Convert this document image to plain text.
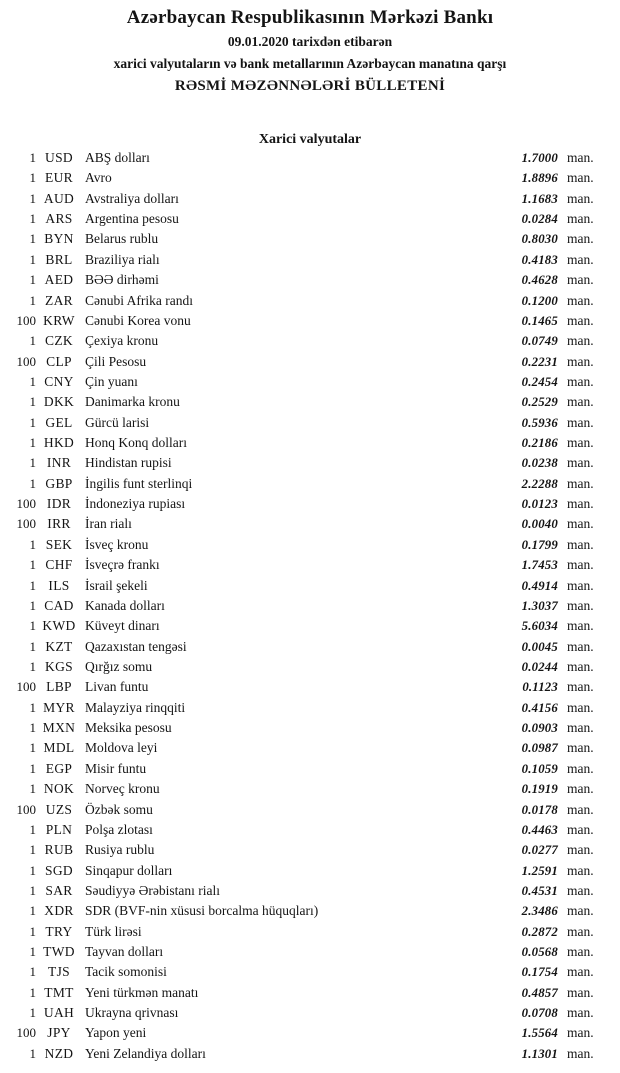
Azərbaycan Respublikasının Mərkəzi Bankı
09.01.2020 tarixdən etibarən
xarici valyutaların və bank metallarının Azərbaycan manatına qarşı
RƏSMİ MƏZƏNNƏLƏRİ BÜLLETENİ
Xarici valyutalar
1 USD ABŞ dolları	1.7000 man.
1 EUR Avro	1.8896 man.
1 AUD Avstraliya dolları	1.1683 man.
1 ARS Argentina pesosu	0.0284 man.
1 BYN Belarus rublu	0.8030 man.
1 BRL Braziliya rialı	0.4183 man.
1 AED BƏƏ dirhəmi	0.4628 man.
1 ZAR Cənubi Afrika randı	0.1200 man.
100 KRW Cənubi Korea vonu	0.1465 man.
1 CZK Çexiya kronu	0.0749 man.
100 CLP Çili Pesosu	0.2231 man.
1 CNY Çin yuanı	0.2454 man.
1 DKK Danimarka kronu	0.2529 man.
1 GEL Gürcü larisi	0.5936 man.
1 HKD Honq Konq dolları	0.2186 man.
1 INR	Hindistan rupisi	0.0238 man.
1 GBP İngilis funt sterlinqi	2.2288 man.
100 IDR	İndoneziya rupiası	0.0123 man.
100 IRR	İran rialı	0.0040 man.
1 SEK İsveç kronu	0.1799 man.
1 CHF İsveçrə frankı	1.7453 man.
1 ILS	İsrail şekeli	0.4914 man.
1 CAD Kanada dolları	1.3037 man.
1 KWD Küveyt dinarı	5.6034 man.
1 KZT Qazaxıstan tengəsi	0.0045 man.
1 KGS Qırğız somu	0.0244 man.
100 LBP Livan funtu	0.1123 man.
1 MYR Malayziya rinqqiti	0.4156 man.
1 MXN Meksika pesosu	0.0903 man.
1 MDL Moldova leyi	0.0987 man.
1 EGP Misir funtu	0.1059 man.
1 NOK Norveç kronu	0.1919 man.
100 UZS Özbək somu	0.0178 man.
1 PLN Polşa zlotası	0.4463 man.
1 RUB Rusiya rublu	0.0277 man.
1 SGD Sinqapur dolları	1.2591 man.
1 SAR Səudiyyə Ərəbistanı rialı	0.4531 man.
1 XDR SDR (BVF-nin xüsusi borcalma hüquqları)	2.3486 man.
1 TRY Türk lirəsi	0.2872 man.
1 TWD Tayvan dolları	0.0568 man.
1 TJS	Tacik somonisi	0.1754 man.
1 TMT Yeni türkmən manatı	0.4857 man.
1 UAH Ukrayna qrivnası	0.0708 man.
100 JPY	Yapon yeni	1.5564 man.
1 NZD Yeni Zelandiya dolları	1.1301 man.
